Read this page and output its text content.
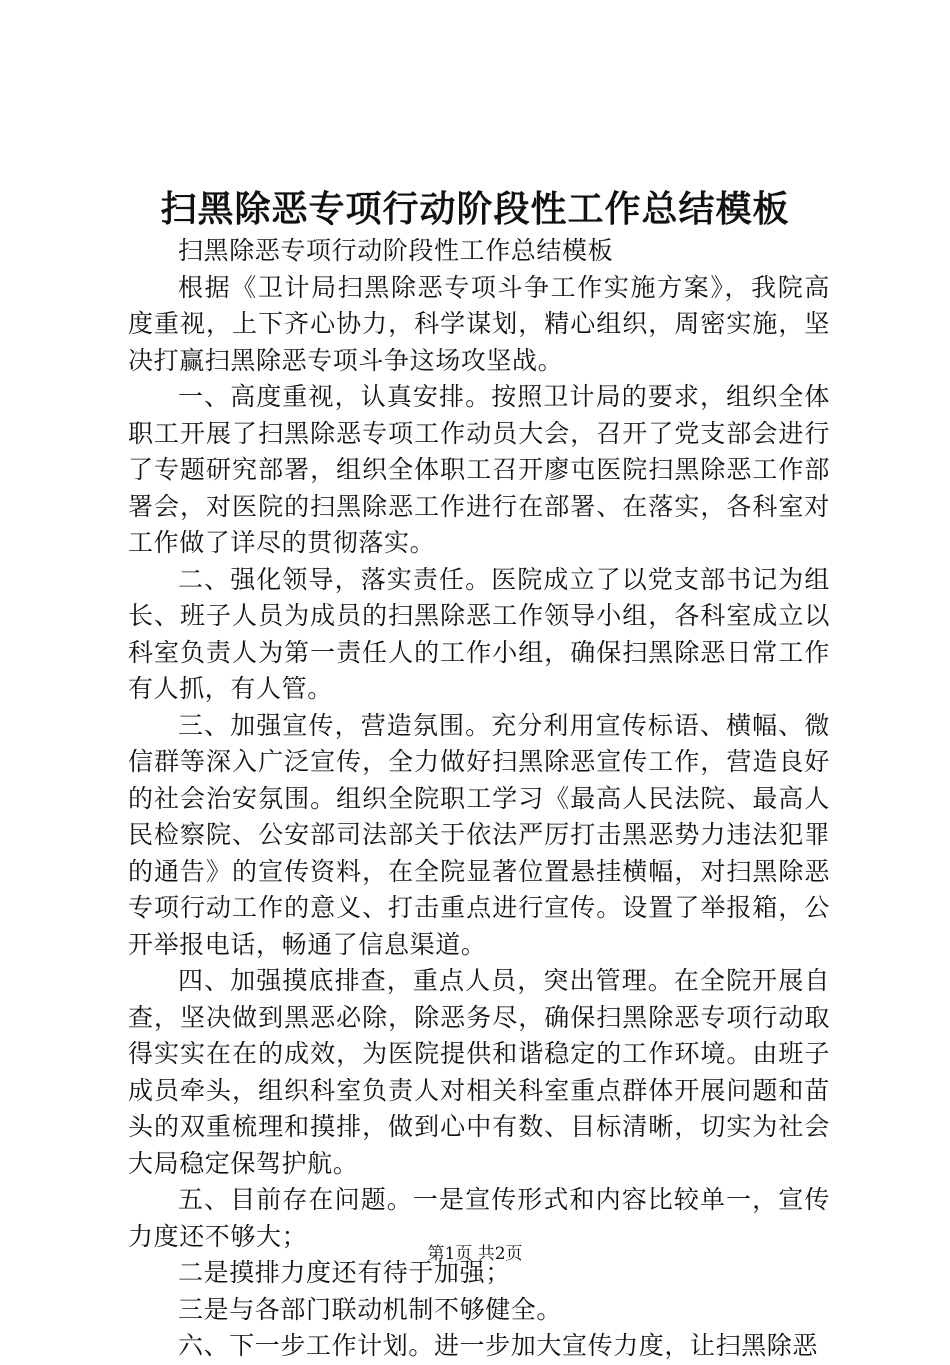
扫黑除恶专项行动阶段性工作总结模板

扫黑除恶专项行动阶段性工作总结模板

根据《卫计局扫黑除恶专项斗争工作实施方案》，我院高度重视，上下齐心协力，科学谋划，精心组织，周密实施，坚决打赢扫黑除恶专项斗争这场攻坚战。

一、高度重视，认真安排。按照卫计局的要求，组织全体职工开展了扫黑除恶专项工作动员大会，召开了党支部会进行了专题研究部署，组织全体职工召开廖屯医院扫黑除恶工作部署会，对医院的扫黑除恶工作进行在部署、在落实，各科室对工作做了详尽的贯彻落实。

二、强化领导，落实责任。医院成立了以党支部书记为组长、班子人员为成员的扫黑除恶工作领导小组，各科室成立以科室负责人为第一责任人的工作小组，确保扫黑除恶日常工作有人抓，有人管。

三、加强宣传，营造氛围。充分利用宣传标语、横幅、微信群等深入广泛宣传，全力做好扫黑除恶宣传工作，营造良好的社会治安氛围。组织全院职工学习《最高人民法院、最高人民检察院、公安部司法部关于依法严厉打击黑恶势力违法犯罪的通告》的宣传资料，在全院显著位置悬挂横幅，对扫黑除恶专项行动工作的意义、打击重点进行宣传。设置了举报箱，公开举报电话，畅通了信息渠道。

四、加强摸底排查，重点人员，突出管理。在全院开展自查，坚决做到黑恶必除，除恶务尽，确保扫黑除恶专项行动取得实实在在的成效，为医院提供和谐稳定的工作环境。由班子成员牵头，组织科室负责人对相关科室重点群体开展问题和苗头的双重梳理和摸排，做到心中有数、目标清晰，切实为社会大局稳定保驾护航。

五、目前存在问题。一是宣传形式和内容比较单一，宣传力度还不够大；

二是摸排力度还有待于加强；

三是与各部门联动机制不够健全。

六、下一步工作计划。进一步加大宣传力度，让扫黑除恶

第1页 共2页
